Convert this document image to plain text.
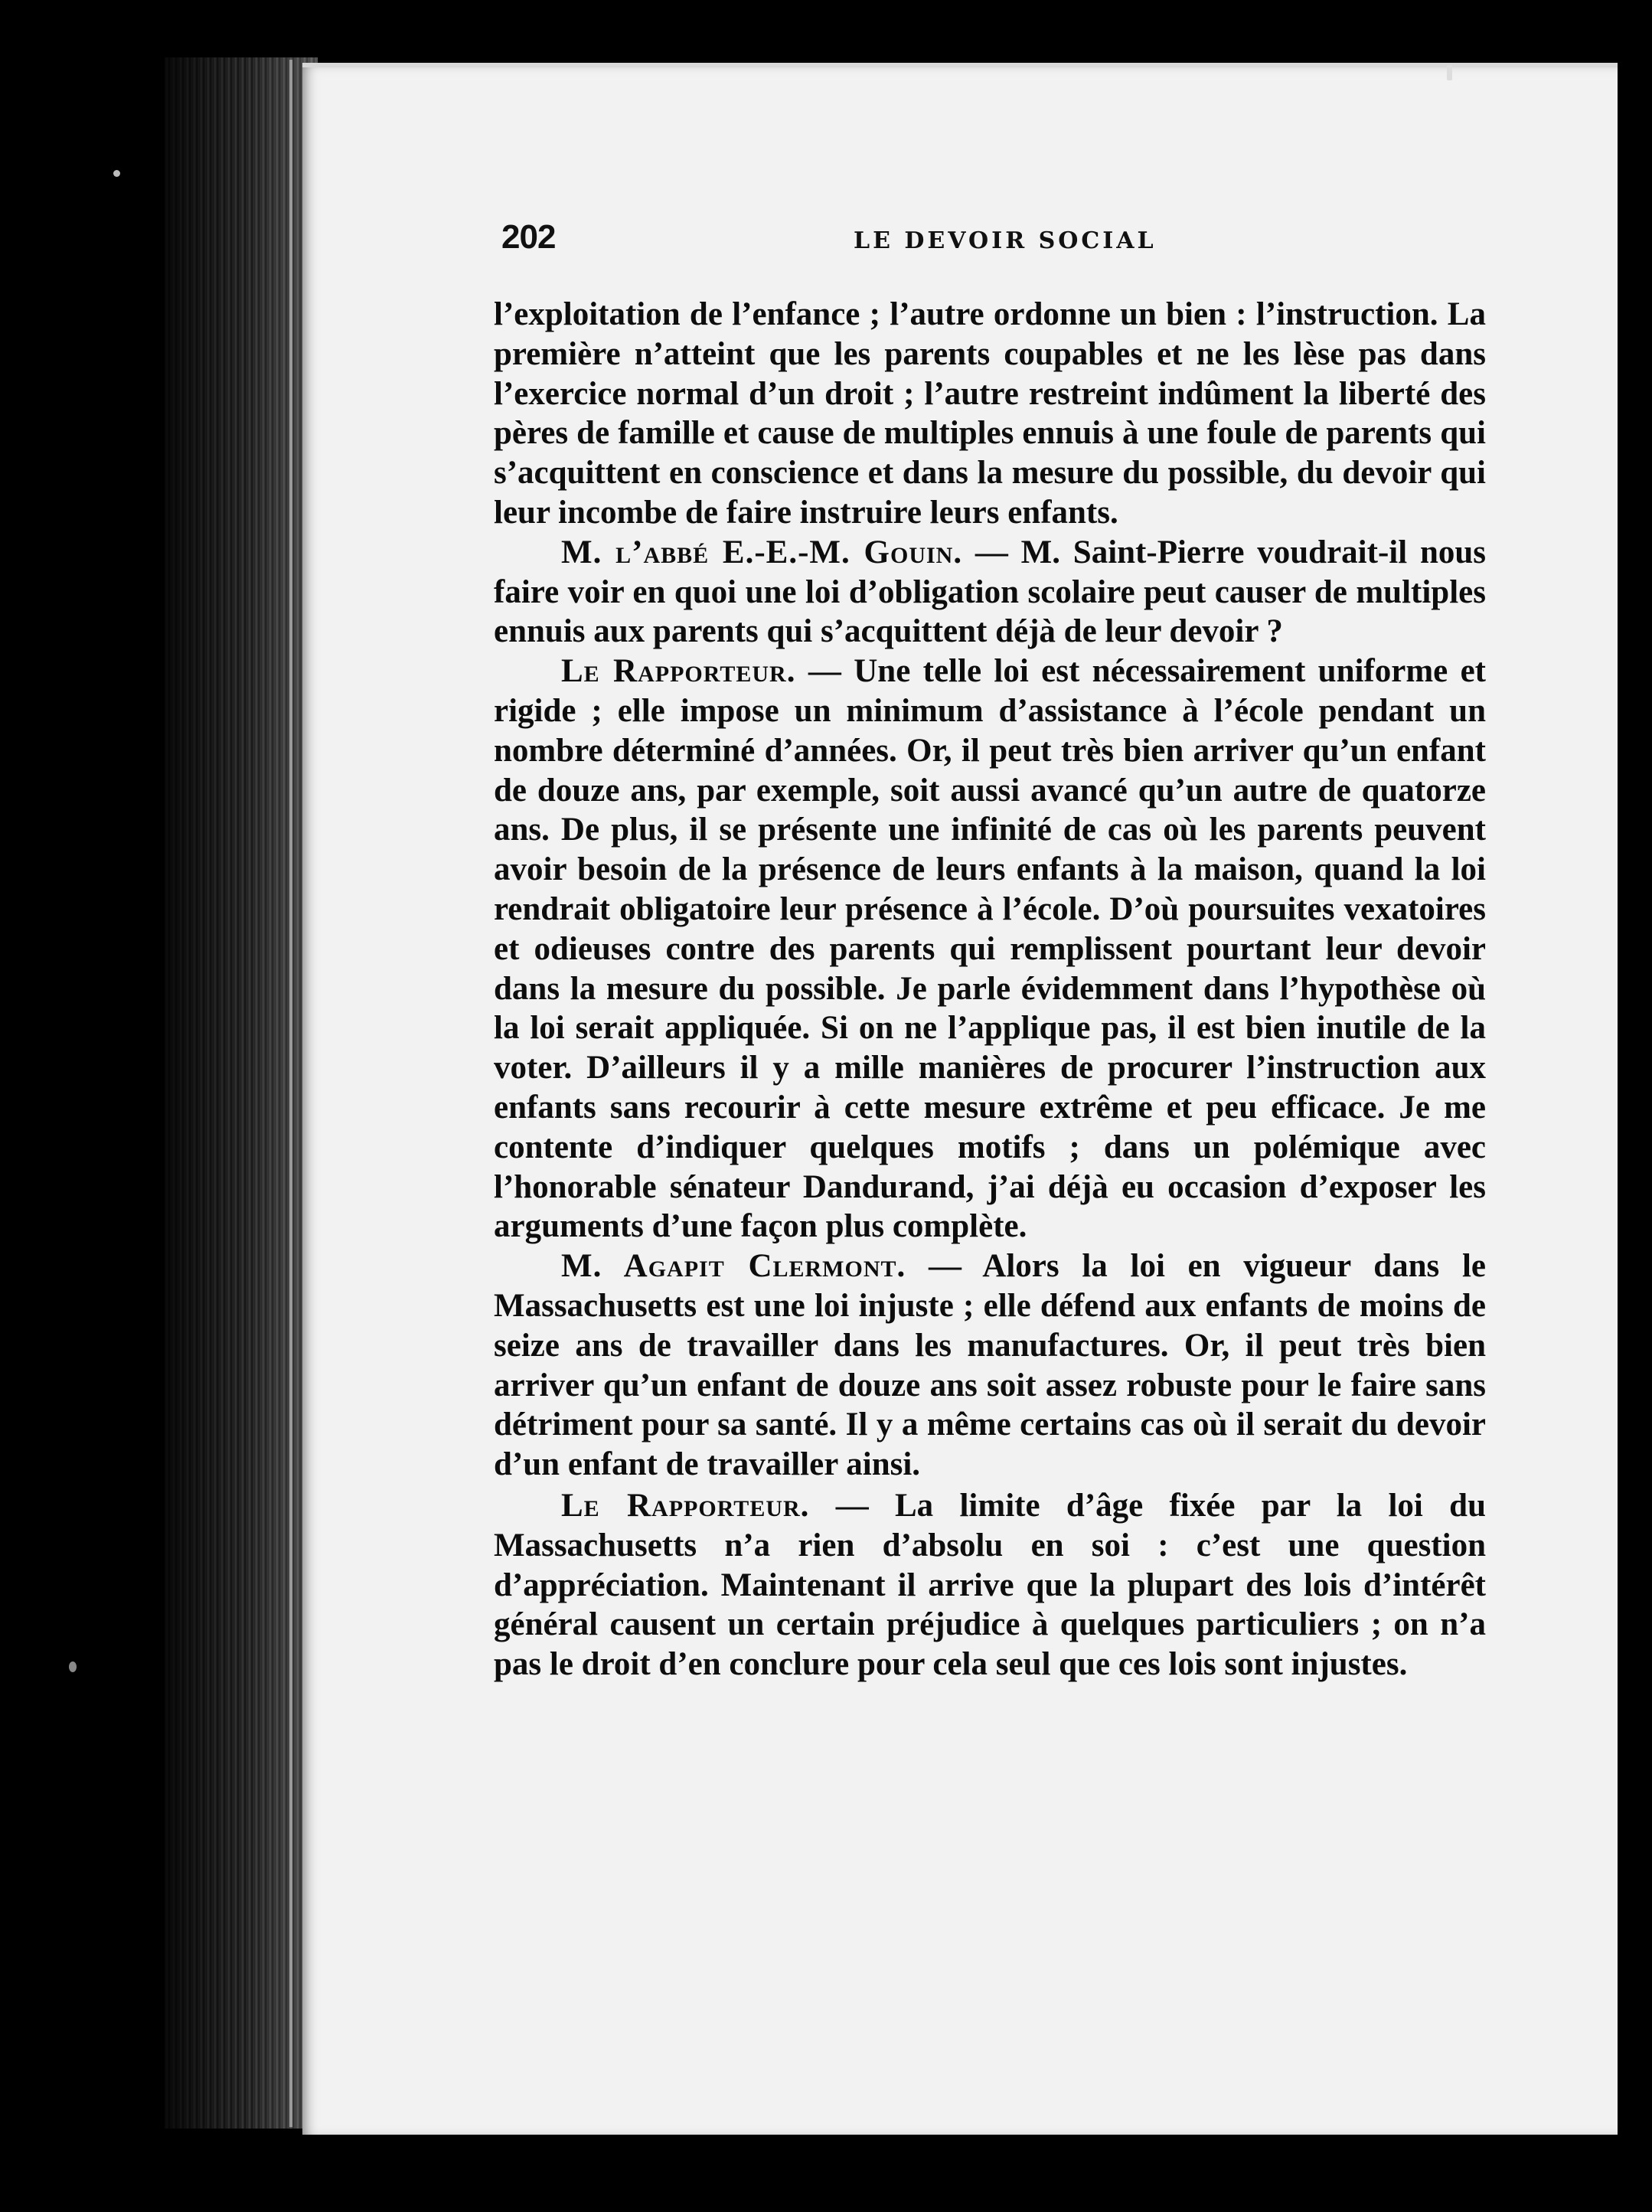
202	LE DEVOIR SOCIAL

l’exploitation de l’enfance ; l’autre ordonne un bien : l’instruction. La première n’atteint que les parents coupables et ne les lèse pas dans l’exercice normal d’un droit ; l’autre restreint indûment la liberté des pères de famille et cause de multiples ennuis à une foule de parents qui s’acquittent en conscience et dans la mesure du possible, du devoir qui leur incombe de faire instruire leurs enfants.

M. l’abbé E.-E.-M. Gouin. — M. Saint-Pierre voudrait-il nous faire voir en quoi une loi d’obligation scolaire peut causer de multiples ennuis aux parents qui s’acquittent déjà de leur devoir ?

Le Rapporteur. — Une telle loi est nécessairement uniforme et rigide ; elle impose un minimum d’assistance à l’école pendant un nombre déterminé d’années. Or, il peut très bien arriver qu’un enfant de douze ans, par exemple, soit aussi avancé qu’un autre de quatorze ans. De plus, il se présente une infinité de cas où les parents peuvent avoir besoin de la présence de leurs enfants à la maison, quand la loi rendrait obligatoire leur présence à l’école. D’où poursuites vexatoires et odieuses contre des parents qui remplissent pourtant leur devoir dans la mesure du possible. Je parle évidemment dans l’hypothèse où la loi serait appliquée. Si on ne l’applique pas, il est bien inutile de la voter. D’ailleurs il y a mille manières de procurer l’instruction aux enfants sans recourir à cette mesure extrême et peu efficace. Je me contente d’indiquer quelques motifs ; dans un polémique avec l’honorable sénateur Dandurand, j’ai déjà eu occasion d’exposer les arguments d’une façon plus complète.

M. Agapit Clermont. — Alors la loi en vigueur dans le Massachusetts est une loi injuste ; elle défend aux enfants de moins de seize ans de travailler dans les manufactures. Or, il peut très bien arriver qu’un enfant de douze ans soit assez robuste pour le faire sans détriment pour sa santé. Il y a même certains cas où il serait du devoir d’un enfant de travailler ainsi.

Le Rapporteur. — La limite d’âge fixée par la loi du Massachusetts n’a rien d’absolu en soi : c’est une question d’appréciation. Maintenant il arrive que la plupart des lois d’intérêt général causent un certain préjudice à quelques particuliers ; on n’a pas le droit d’en conclure pour cela seul que ces lois sont injustes.
